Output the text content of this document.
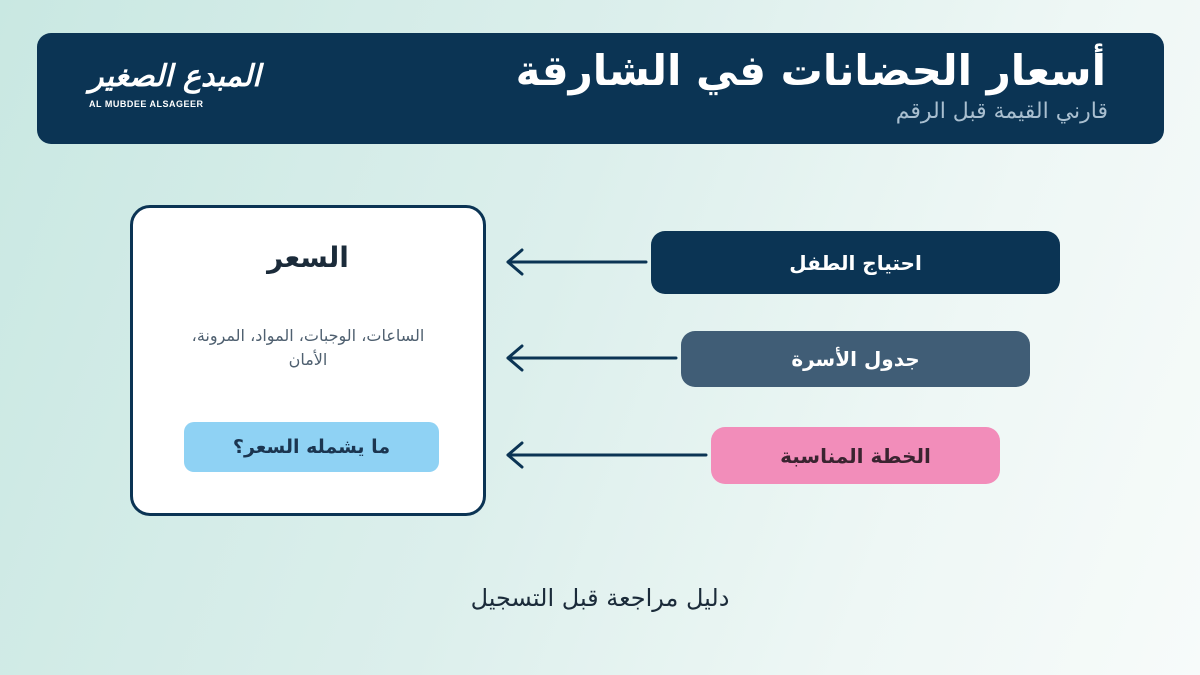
المبدع الصغير
AL MUBDEE ALSAGEER
أسعار الحضانات في الشارقة

قارني القيمة قبل الرقم

السعر

الساعات، الوجبات، المواد، المرونة، الأمان

ما يشمله السعر؟
احتياج الطفل
جدول الأسرة
الخطة المناسبة

دليل مراجعة قبل التسجيل
